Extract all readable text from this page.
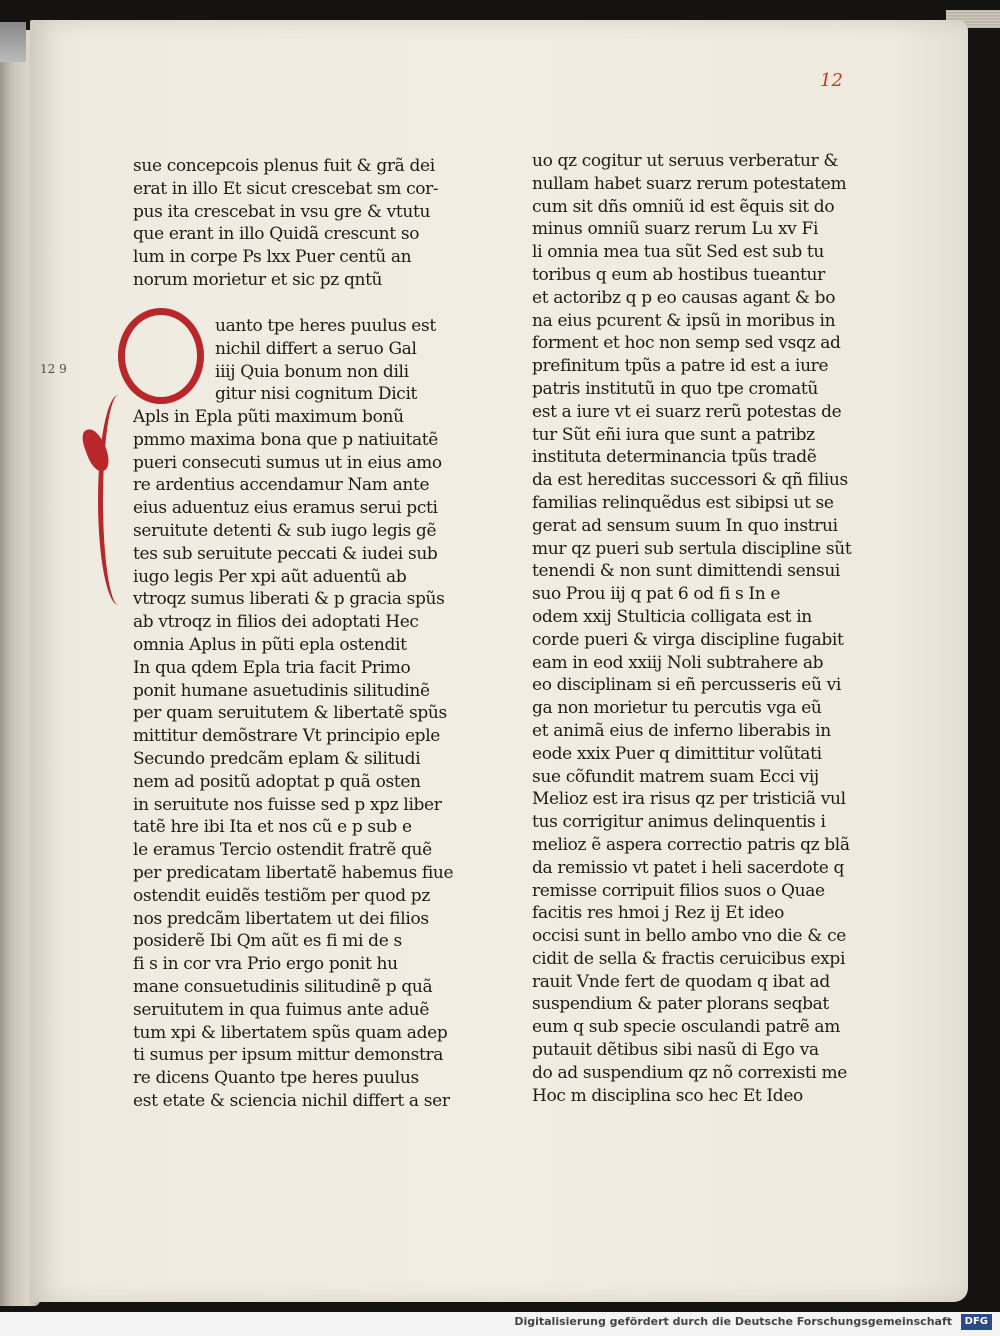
12
12 9
sue concepcois plenus fuit & grã dei
erat in illo Et sicut crescebat sm cor-
pus ita crescebat in vsu gre & vtutu
que erant in illo Quidã crescunt so
lum in corpe Ps lxx Puer centũ an
norum morietur et sic pz qntũ
uanto tpe heres puulus est
nichil differt a seruo Gal
iiij Quia bonum non dili
gitur nisi cognitum Dicit
Apls in Epla pũti maximum bonũ
pmmo maxima bona que p natiuitatẽ
pueri consecuti sumus ut in eius amo
re ardentius accendamur Nam ante
eius aduentuz eius eramus serui pcti
seruitute detenti & sub iugo legis gẽ
tes sub seruitute peccati & iudei sub
iugo legis Per xpi aũt aduentũ ab
vtroqz sumus liberati & p gracia spũs
ab vtroqz in filios dei adoptati Hec
omnia Aplus in pũti epla ostendit
In qua qdem Epla tria facit Primo
ponit humane asuetudinis silitudinẽ
per quam seruitutem & libertatẽ spũs
mittitur demõstrare Vt principio eple
Secundo predcãm eplam & silitudi
nem ad positũ adoptat p quã osten
in seruitute nos fuisse sed p xpz liber
tatẽ hre ibi Ita et nos cũ e p sub e
le eramus Tercio ostendit fratrẽ quẽ
per predicatam libertatẽ habemus fiue
ostendit euidẽs testiõm per quod pz
nos predcãm libertatem ut dei filios
posiderẽ Ibi Qm aũt es fi mi de s
fi s in cor vra Prio ergo ponit hu
mane consuetudinis silitudinẽ p quã
seruitutem in qua fuimus ante aduẽ
tum xpi & libertatem spũs quam adep
ti sumus per ipsum mittur demonstra
re dicens Quanto tpe heres puulus
est etate & sciencia nichil differt a ser
uo qz cogitur ut seruus verberatur &
nullam habet suarz rerum potestatem
cum sit dñs omniũ id est ẽquis sit do
minus omniũ suarz rerum Lu xv Fi
li omnia mea tua sũt Sed est sub tu
toribus q eum ab hostibus tueantur
et actoribz q p eo causas agant & bo
na eius pcurent & ipsũ in moribus in
forment et hoc non semp sed vsqz ad
prefinitum tpũs a patre id est a iure
patris institutũ in quo tpe cromatũ
est a iure vt ei suarz rerũ potestas de
tur Sũt eñi iura que sunt a patribz
instituta determinancia tpũs tradẽ
da est hereditas successori & qñ filius
familias relinquẽdus est sibipsi ut se
gerat ad sensum suum In quo instrui
mur qz pueri sub sertula discipline sũt
tenendi & non sunt dimittendi sensui
suo Prou iij q pat 6 od fi s In e
odem xxij Stulticia colligata est in
corde pueri & virga discipline fugabit
eam in eod xxiij Noli subtrahere ab
eo disciplinam si eñ percusseris eũ vi
ga non morietur tu percutis vga eũ
et animã eius de inferno liberabis in
eode xxix Puer q dimittitur volũtati
sue cõfundit matrem suam Ecci vij
Melioz est ira risus qz per tristiciã vul
tus corrigitur animus delinquentis i
melioz ẽ aspera correctio patris qz blã
da remissio vt patet i heli sacerdote q
remisse corripuit filios suos o Quae
facitis res hmoi j Rez ij Et ideo
occisi sunt in bello ambo vno die & ce
cidit de sella & fractis ceruicibus expi
rauit Vnde fert de quodam q ibat ad
suspendium & pater plorans seqbat
eum q sub specie osculandi patrẽ am
putauit dẽtibus sibi nasũ di Ego va
do ad suspendium qz nõ correxisti me
Hoc m disciplina sco hec Et Ideo
Digitalisierung gefördert durch die Deutsche Forschungsgemeinschaft	DFG
